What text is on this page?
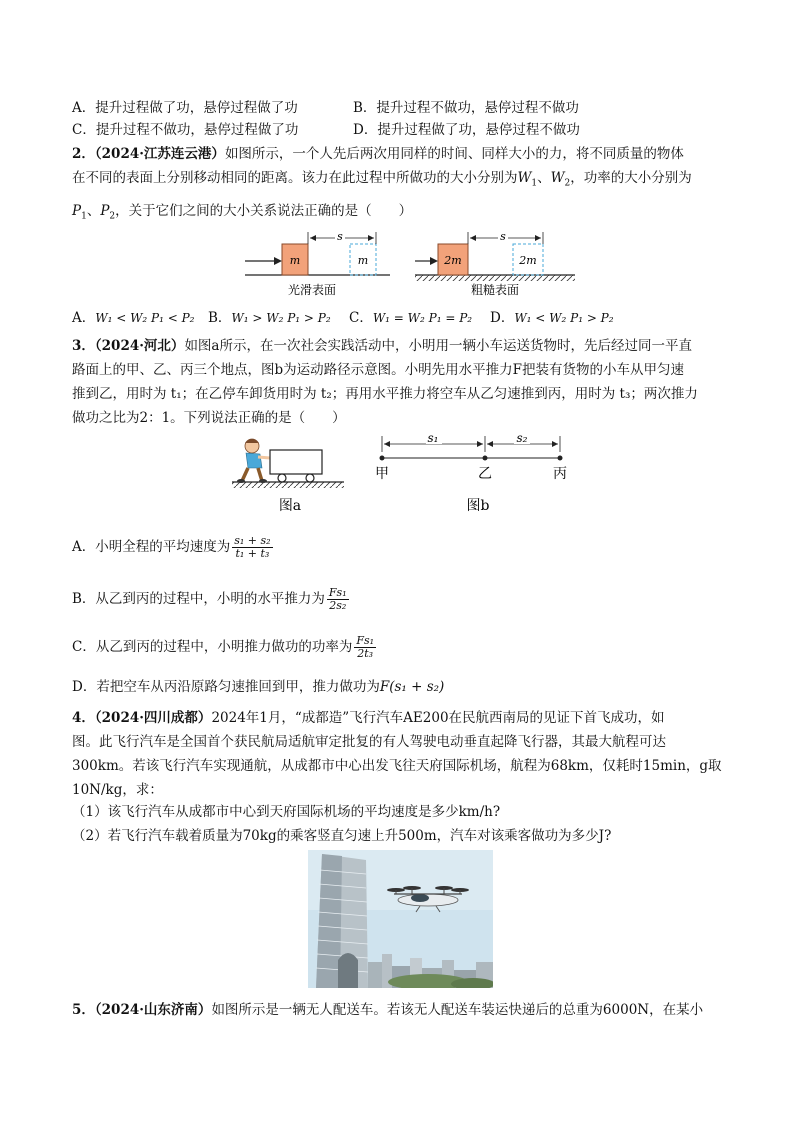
A．提升过程做了功，悬停过程做了功	B．提升过程不做功，悬停过程不做功
C．提升过程不做功，悬停过程做了功	D．提升过程做了功，悬停过程不做功
2．（2024·江苏连云港）如图所示，一个人先后两次用同样的时间、同样大小的力，将不同质量的物体
在不同的表面上分别移动相同的距离。该力在此过程中所做功的大小分别为$W_1$、$W_2$，功率的大小分别为
$P_1$、$P_2$，关于它们之间的大小关系说法正确的是（　　）
m	m
s
光滑表面
2m	2m
s
粗糙表面
A．W₁ < W₂ P₁ < P₂ B．W₁ > W₂ P₁ > P₂ C．W₁ = W₂ P₁ = P₂ D．W₁ < W₂ P₁ > P₂
3．（2024·河北）如图a所示，在一次社会实践活动中，小明用一辆小车运送货物时，先后经过同一平直
路面上的甲、乙、丙三个地点，图b为运动路径示意图。小明先用水平推力F把装有货物的小车从甲匀速
推到乙，用时为 t₁；在乙停车卸货用时为 t₂；再用水平推力将空车从乙匀速推到丙，用时为 t₃；两次推力
做功之比为2：1。下列说法正确的是（　　）
图a
s₁	s₂
甲	乙	丙
图b
A．小明全程的平均速度为 $\frac{\text{s₁ + s₂}}{\text{t₁ + t₃}}$
B．从乙到丙的过程中，小明的水平推力为 $\frac{\text{Fs₁}}{\text{2s₂}}$
C．从乙到丙的过程中，小明推力做功的功率为 $\frac{\text{Fs₁}}{\text{2t₃}}$
D．若把空车从丙沿原路匀速推回到甲，推力做功为F(s₁ + s₂)
4．（2024·四川成都）2024年1月，“成都造”飞行汽车AE200在民航西南局的见证下首飞成功，如
图。此飞行汽车是全国首个获民航局适航审定批复的有人驾驶电动垂直起降飞行器，其最大航程可达
300km。若该飞行汽车实现通航，从成都市中心出发飞往天府国际机场，航程为68km，仅耗时15min，g取
10N/kg，求：
（1）该飞行汽车从成都市中心到天府国际机场的平均速度是多少km/h?
（2）若飞行汽车载着质量为70kg的乘客竖直匀速上升500m，汽车对该乘客做功为多少J?
5．（2024·山东济南）如图所示是一辆无人配送车。若该无人配送车装运快递后的总重为6000N，在某小
